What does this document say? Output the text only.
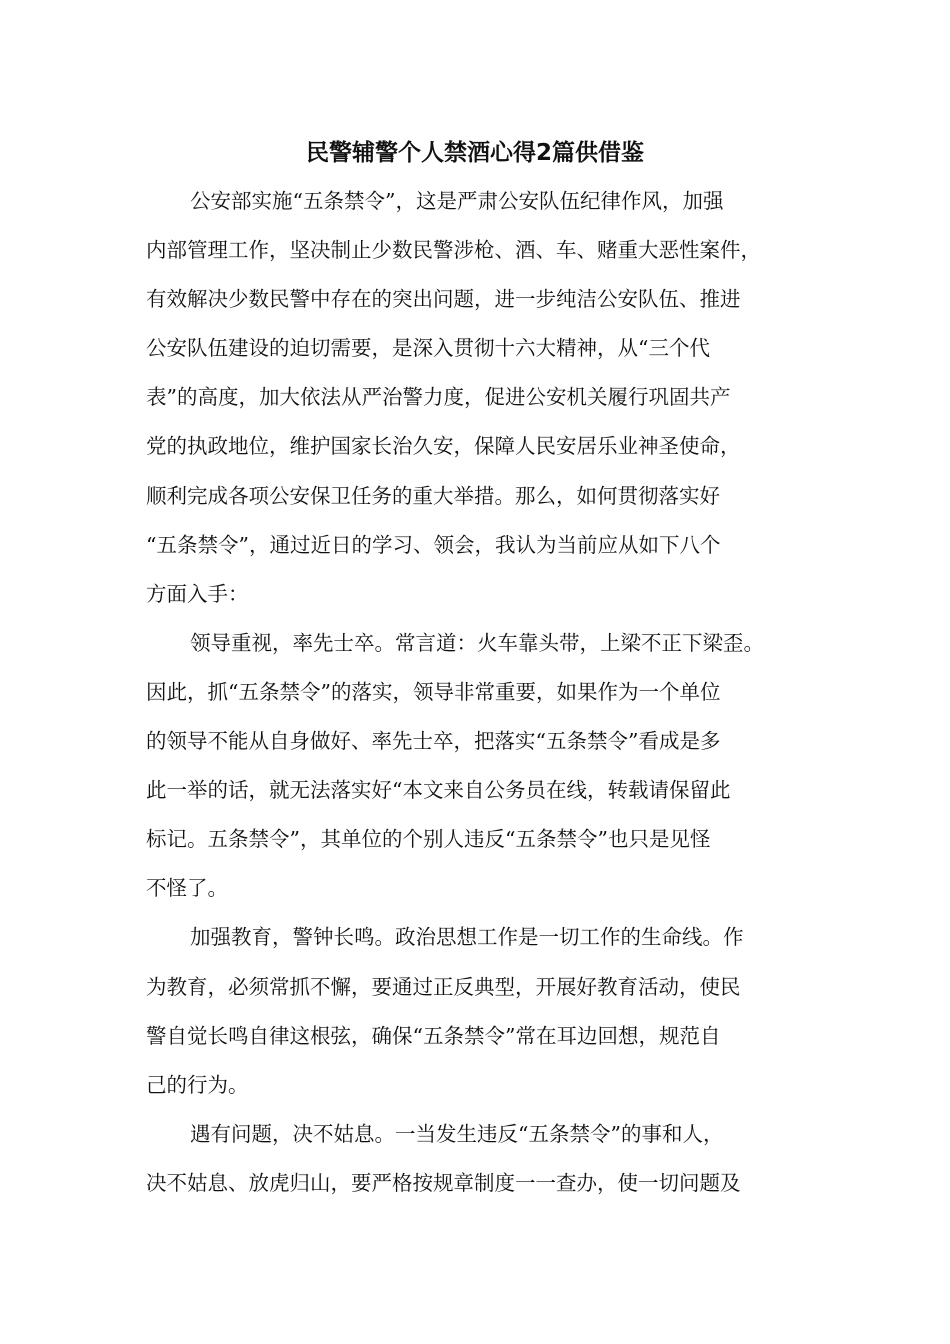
民警辅警个人禁酒心得2篇供借鉴
公安部实施“五条禁令”，这是严肃公安队伍纪律作风，加强
内部管理工作，坚决制止少数民警涉枪、酒、车、赌重大恶性案件，
有效解决少数民警中存在的突出问题，进一步纯洁公安队伍、推进
公安队伍建设的迫切需要，是深入贯彻十六大精神，从“三个代
表”的高度，加大依法从严治警力度，促进公安机关履行巩固共产
党的执政地位，维护国家长治久安，保障人民安居乐业神圣使命，
顺利完成各项公安保卫任务的重大举措。那么，如何贯彻落实好
“五条禁令”，通过近日的学习、领会，我认为当前应从如下八个
方面入手：
领导重视，率先士卒。常言道：火车靠头带，上梁不正下梁歪。
因此，抓“五条禁令”的落实，领导非常重要，如果作为一个单位
的领导不能从自身做好、率先士卒，把落实“五条禁令”看成是多
此一举的话，就无法落实好“本文来自公务员在线，转载请保留此
标记。五条禁令”，其单位的个别人违反“五条禁令”也只是见怪
不怪了。
加强教育，警钟长鸣。政治思想工作是一切工作的生命线。作
为教育，必须常抓不懈，要通过正反典型，开展好教育活动，使民
警自觉长鸣自律这根弦，确保“五条禁令”常在耳边回想，规范自
己的行为。
遇有问题，决不姑息。一当发生违反“五条禁令”的事和人，
决不姑息、放虎归山，要严格按规章制度一一查办，使一切问题及
